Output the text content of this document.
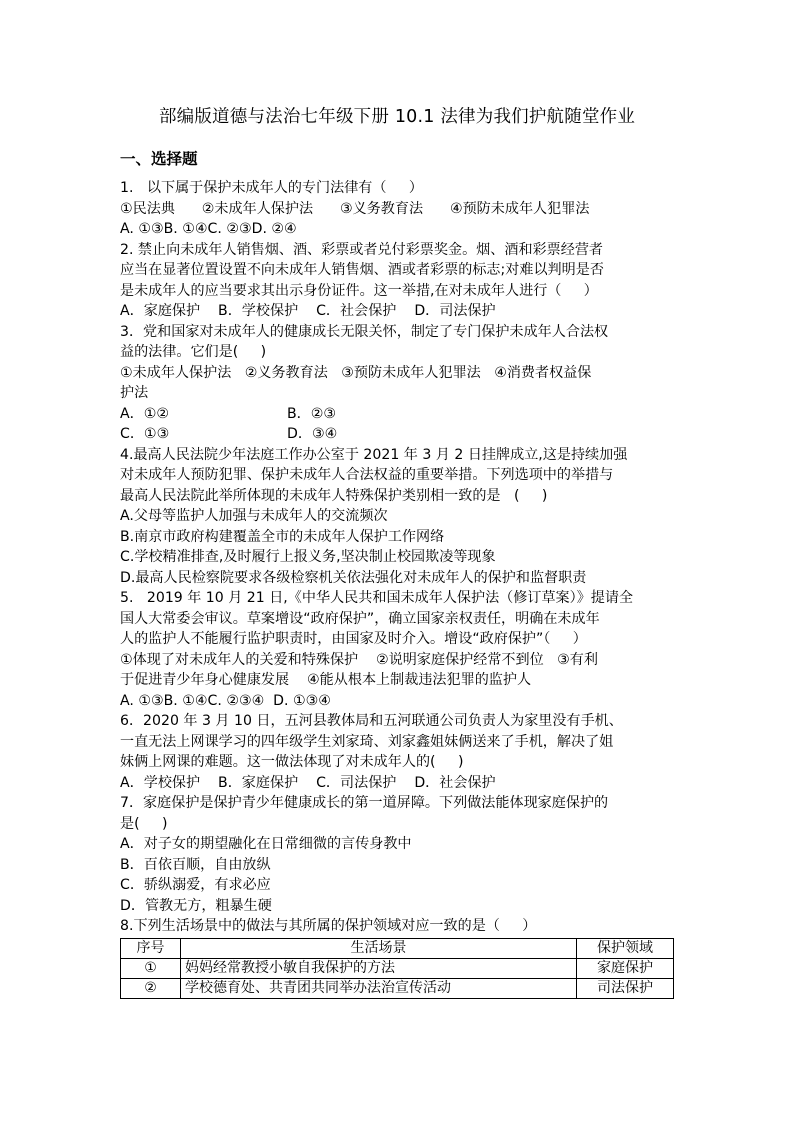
部编版道德与法治七年级下册 10.1 法律为我们护航随堂作业
一、选择题

1.   以下属于保护未成年人的专门法律有（     ）

①民法典      ②未成年人保护法      ③义务教育法      ④预防未成年人犯罪法

A. ①③B. ①④C. ②③D. ②④

2. 禁止向未成年人销售烟、酒、彩票或者兑付彩票奖金。烟、酒和彩票经营者

应当在显著位置设置不向未成年人销售烟、酒或者彩票的标志;对难以判明是否

是未成年人的应当要求其出示身份证件。这一举措,在对未成年人进行（     ）

A．家庭保护    B．学校保护    C．社会保护    D．司法保护

3．党和国家对未成年人的健康成长无限关怀，制定了专门保护未成年人合法权

益的法律。它们是(     )

①未成年人保护法   ②义务教育法   ③预防未成年人犯罪法   ④消费者权益保

护法

A．①②	B．②③

C．①③	D．③④

4.最高人民法院少年法庭工作办公室于 2021 年 3 月 2 日挂牌成立,这是持续加强

对未成年人预防犯罪、保护未成年人合法权益的重要举措。下列选项中的举措与

最高人民法院此举所体现的未成年人特殊保护类别相一致的是   (     )

A.父母等监护人加强与未成年人的交流频次

B.南京市政府构建覆盖全市的未成年人保护工作网络

C.学校精准排查,及时履行上报义务,坚决制止校园欺凌等现象

D.最高人民检察院要求各级检察机关依法强化对未成年人的保护和监督职责

5.   2019 年 10 月 21 日,《中华人民共和国未成年人保护法（修订草案）》提请全

国人大常委会审议。草案增设“政府保护”，确立国家亲权责任，明确在未成年

人的监护人不能履行监护职责时，由国家及时介入。增设“政府保护”（     ）

①体现了对未成年人的关爱和特殊保护    ②说明家庭保护经常不到位   ③有利

于促进青少年身心健康发展    ④能从根本上制裁违法犯罪的监护人

A. ①③B. ①④C. ②③④  D. ①③④

6．2020 年 3 月 10 日，五河县教体局和五河联通公司负责人为家里没有手机、

一直无法上网课学习的四年级学生刘家琦、刘家鑫姐妹俩送来了手机，解决了姐

妹俩上网课的难题。这一做法体现了对未成年人的(     )

A．学校保护    B．家庭保护    C．司法保护    D．社会保护

7．家庭保护是保护青少年健康成长的第一道屏障。下列做法能体现家庭保护的

是(     )

A．对子女的期望融化在日常细微的言传身教中

B．百依百顺，自由放纵

C．骄纵溺爱，有求必应

D．管教无方，粗暴生硬

8.下列生活场景中的做法与其所属的保护领域对应一致的是（     ）

序号	生活场景	保护领域
①	妈妈经常教授小敏自我保护的方法	家庭保护
②	学校德育处、共青团共同举办法治宣传活动	司法保护
